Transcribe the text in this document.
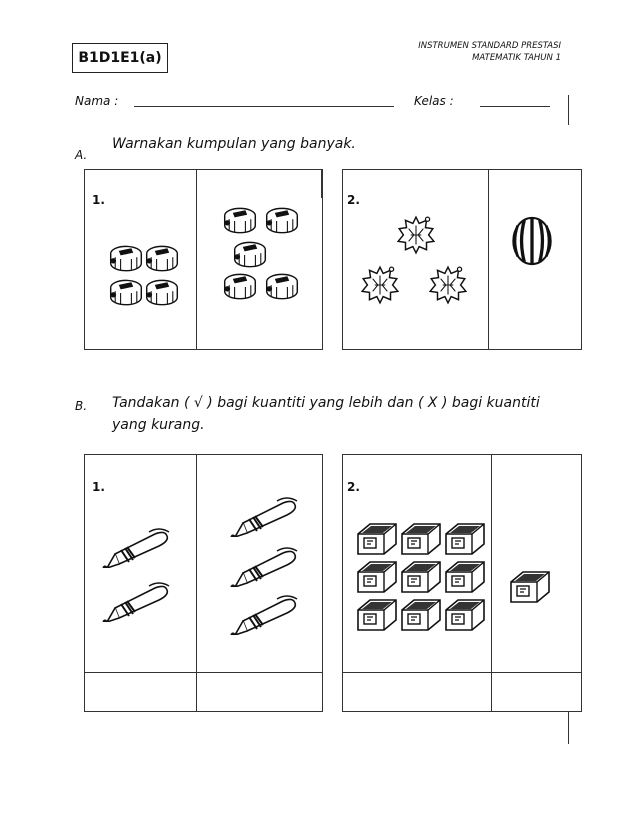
B1D1E1(a)
INSTRUMEN STANDARD PRESTASI
MATEMATIK TAHUN 1
Nama :	Kelas :
A.
Warnakan kumpulan yang banyak.
1.	2.
B. Tandakan ( √ ) bagi kuantiti yang lebih dan ( X ) bagi kuantiti
yang kurang.
1.	2.
